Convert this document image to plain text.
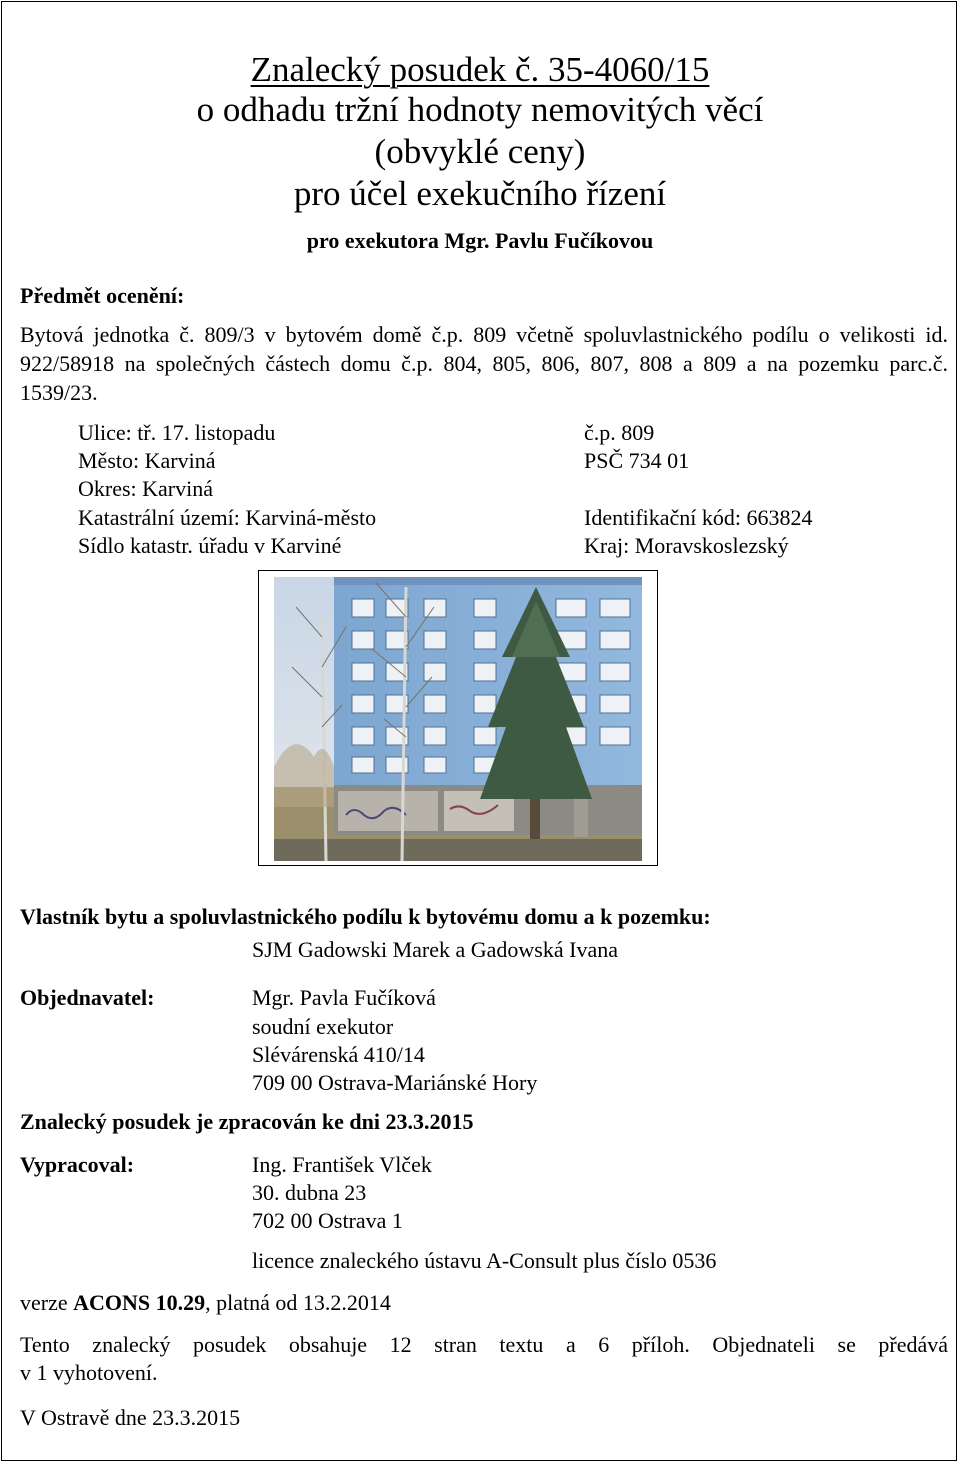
Znalecký posudek č. 35-4060/15
o odhadu tržní hodnoty nemovitých věcí
(obvyklé ceny)
pro účel exekučního řízení
pro exekutora Mgr. Pavlu Fučíkovou
Předmět ocenění:
Bytová jednotka č. 809/3 v bytovém domě č.p. 809 včetně spoluvlastnického podílu o velikosti id. 922/58918 na společných částech domu č.p. 804, 805, 806, 807, 808 a 809 a na pozemku parc.č. 1539/23.
Ulice: tř. 17. listopadu	č.p. 809
Město: Karviná	PSČ 734 01
Okres: Karviná
Katastrální území: Karviná-město	Identifikační kód: 663824
Sídlo katastr. úřadu v Karviné	Kraj: Moravskoslezský
Vlastník bytu a spoluvlastnického podílu k bytovému domu a k pozemku:
SJM Gadowski Marek a Gadowská Ivana
Objednavatel:	Mgr. Pavla Fučíková
soudní exekutor
Slévárenská 410/14
709 00 Ostrava-Mariánské Hory
Znalecký posudek je zpracován ke dni 23.3.2015
Vypracoval:	Ing. František Vlček
30. dubna 23
702 00 Ostrava 1
licence znaleckého ústavu A-Consult plus číslo 0536
verze ACONS 10.29, platná od 13.2.2014
Tento znalecký posudek obsahuje 12 stran textu a 6 příloh. Objednateli se předává
v 1 vyhotovení.
V Ostravě dne 23.3.2015
